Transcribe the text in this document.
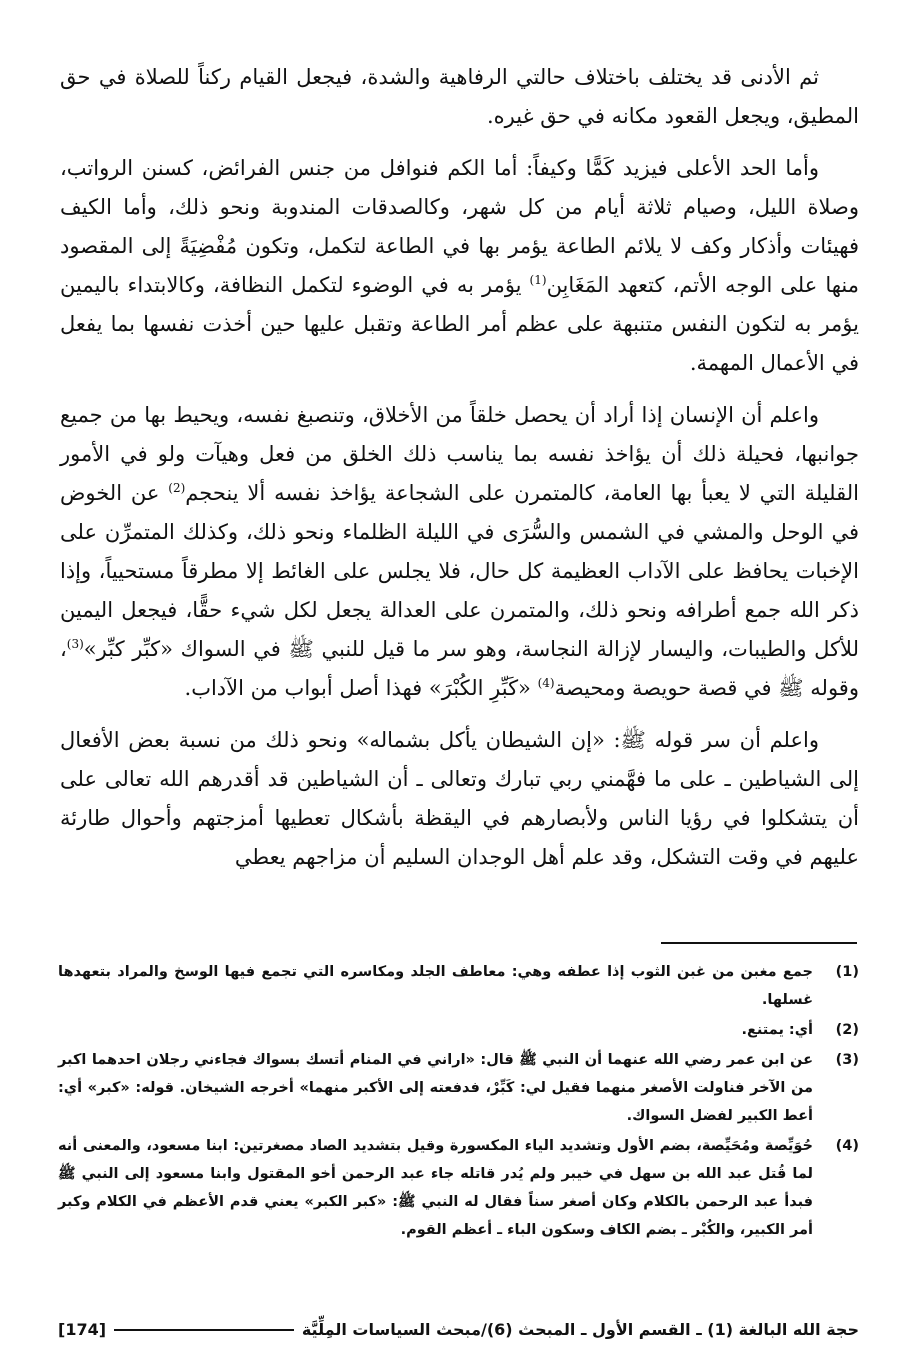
ثم الأدنى قد يختلف باختلاف حالتي الرفاهية والشدة، فيجعل القيام ركناً للصلاة في حق المطيق، ويجعل القعود مكانه في حق غيره.

وأما الحد الأعلى فيزيد كَمًّا وكيفاً: أما الكم فنوافل من جنس الفرائض، كسنن الرواتب، وصلاة الليل، وصيام ثلاثة أيام من كل شهر، وكالصدقات المندوبة ونحو ذلك، وأما الكيف فهيئات وأذكار وكف لا يلائم الطاعة يؤمر بها في الطاعة لتكمل، وتكون مُفْضِيَةً إلى المقصود منها على الوجه الأتم، كتعهد المَغَابِن$^{(1)}$ يؤمر به في الوضوء لتكمل النظافة، وكالابتداء باليمين يؤمر به لتكون النفس متنبهة على عظم أمر الطاعة وتقبل عليها حين أخذت نفسها بما يفعل في الأعمال المهمة.

واعلم أن الإنسان إذا أراد أن يحصل خلقاً من الأخلاق، وتنصبغ نفسه، ويحيط بها من جميع جوانبها، فحيلة ذلك أن يؤاخذ نفسه بما يناسب ذلك الخلق من فعل وهيآت ولو في الأمور القليلة التي لا يعبأ بها العامة، كالمتمرن على الشجاعة يؤاخذ نفسه ألا ينحجم$^{(2)}$ عن الخوض في الوحل والمشي في الشمس والسُّرَى في الليلة الظلماء ونحو ذلك، وكذلك المتمرِّن على الإخبات يحافظ على الآداب العظيمة كل حال، فلا يجلس على الغائط إلا مطرقاً مستحيياً، وإذا ذكر الله جمع أطرافه ونحو ذلك، والمتمرن على العدالة يجعل لكل شيء حقًّا، فيجعل اليمين للأكل والطيبات، واليسار لإزالة النجاسة، وهو سر ما قيل للنبي ﷺ في السواك «كبِّر كبِّر»$^{(3)}$، وقوله ﷺ في قصة حويصة ومحيصة$^{(4)}$ «كَبِّرِ الكُبْرَ» فهذا أصل أبواب من الآداب.

واعلم أن سر قوله ﷺ: «إن الشيطان يأكل بشماله» ونحو ذلك من نسبة بعض الأفعال إلى الشياطين ـ على ما فهَّمني ربي تبارك وتعالى ـ أن الشياطين قد أقدرهم الله تعالى على أن يتشكلوا في رؤيا الناس ولأبصارهم في اليقظة بأشكال تعطيها أمزجتهم وأحوال طارئة عليهم في وقت التشكل، وقد علم أهل الوجدان السليم أن مزاجهم يعطي

(1)
جمع مغبن من غبن الثوب إذا عطفه وهي: معاطف الجلد ومكاسره التي تجمع فيها الوسخ والمراد بتعهدها غسلها.
(2)
أي: يمتنع.
(3)
عن ابن عمر رضي الله عنهما أن النبي ﷺ قال: «اراني في المنام أتسك بسواك فجاءني رجلان احدهما اكبر من الآخر فناولت الأصغر منهما فقيل لي: كَبِّرْ، فدفعته إلى الأكبر منهما» أخرجه الشيخان. قوله: «كبر» أي: أعط الكبير لفضل السواك.
(4)
حُوَيِّصة ومُحَيِّصة، بضم الأول وتشديد الياء المكسورة وقيل بتشديد الصاد مصغرتين: ابنا مسعود، والمعنى أنه لما قُتل عبد الله بن سهل في خيبر ولم يُدر قاتله جاء عبد الرحمن أخو المقتول وابنا مسعود إلى النبي ﷺ فبدأ عبد الرحمن بالكلام وكان أصغر سناً فقال له النبي ﷺ: «كبر الكبر» يعني قدم الأعظم في الكلام وكبر أمر الكبير، والكُبْر ـ بضم الكاف وسكون الباء ـ أعظم القوم.
حجة الله البالغة (1) ـ القسم الأول ـ المبحث (6)/مبحث السياسات المِلِّيَّة
[174]
